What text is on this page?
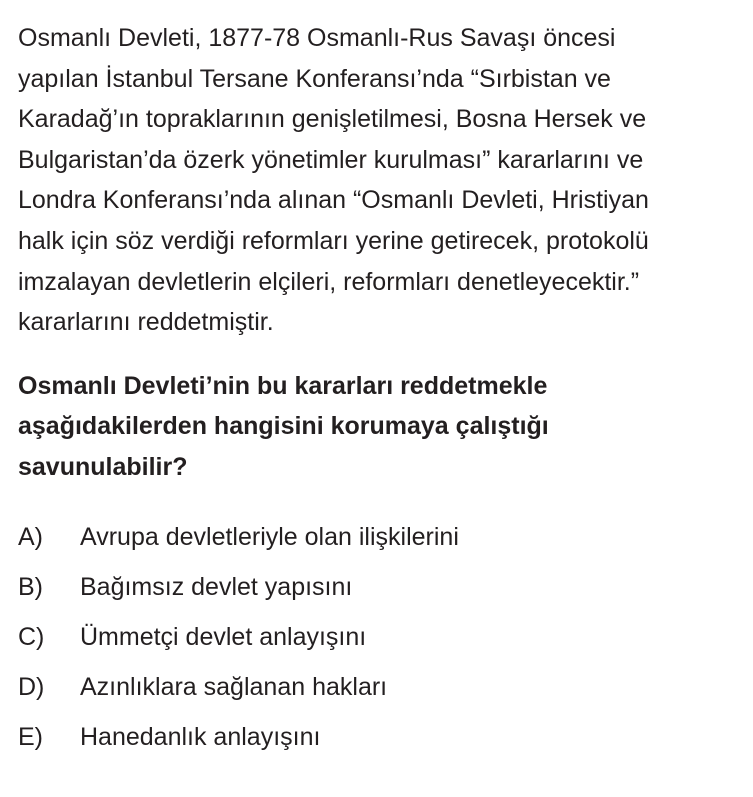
Osmanlı Devleti, 1877-78 Osmanlı-Rus Savaşı öncesi

yapılan İstanbul Tersane Konferansı’nda “Sırbistan ve

Karadağ’ın topraklarının genişletilmesi, Bosna Hersek ve

Bulgaristan’da özerk yönetimler kurulması” kararlarını ve

Londra Konferansı’nda alınan “Osmanlı Devleti, Hristiyan

halk için söz verdiği reformları yerine getirecek, protokolü

imzalayan devletlerin elçileri, reformları denetleyecektir.”

kararlarını reddetmiştir.

Osmanlı Devleti’nin bu kararları reddetmekle

aşağıdakilerden hangisini korumaya çalıştığı

savunulabilir?

A)	Avrupa devletleriyle olan ilişkilerini
B)	Bağımsız devlet yapısını
C)	Ümmetçi devlet anlayışını
D)	Azınlıklara sağlanan hakları
E)	Hanedanlık anlayışını
